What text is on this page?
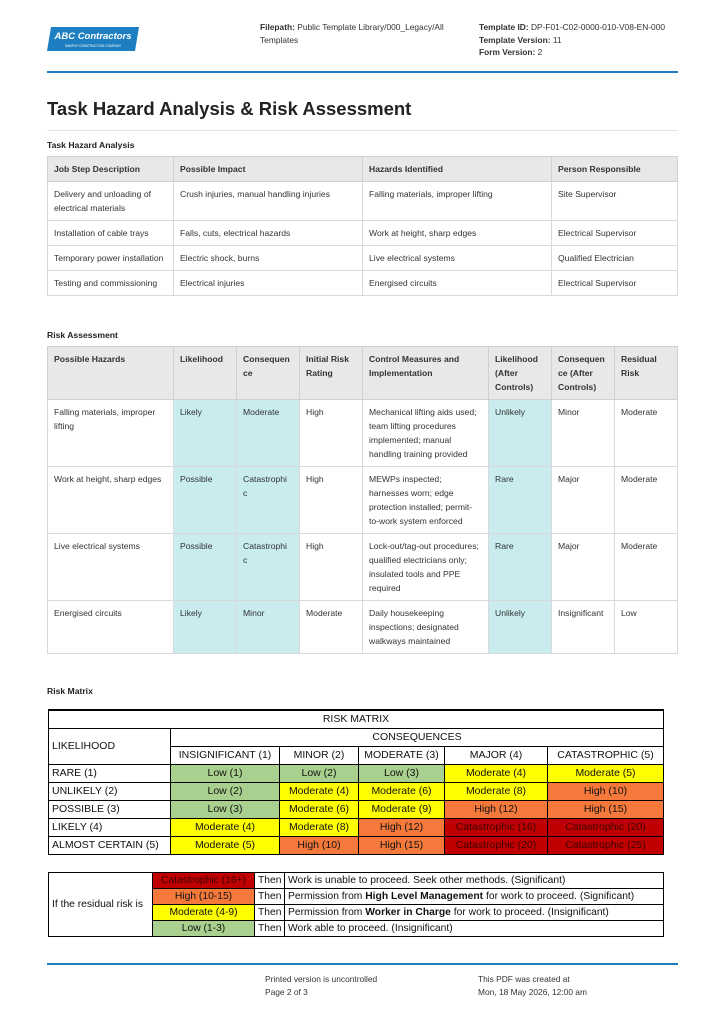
ABC Contractors
SAMPLE CONSTRUCTION COMPANY
Filepath: Public Template Library/000_Legacy/All Templates
Template ID: DP-F01-C02-0000-010-V08-EN-000
Template Version: 11
Form Version: 2
Task Hazard Analysis & Risk Assessment
Task Hazard Analysis
Job Step Description	Possible Impact	Hazards Identified	Person Responsible
Delivery and unloading of electrical materials	Crush injuries, manual handling injuries	Falling materials, improper lifting	Site Supervisor
Installation of cable trays	Falls, cuts, electrical hazards	Work at height, sharp edges	Electrical Supervisor
Temporary power installation	Electric shock, burns	Live electrical systems	Qualified Electrician
Testing and commissioning	Electrical injuries	Energised circuits	Electrical Supervisor
Risk Assessment
Possible Hazards	Likelihood	Consequen ce	Initial Risk Rating	Control Measures and Implementation	Likelihood (After Controls)	Consequen ce (After Controls)	Residual Risk
Falling materials, improper lifting	Likely	Moderate	High	Mechanical lifting aids used; team lifting procedures implemented; manual handling training provided	Unlikely	Minor	Moderate
Work at height, sharp edges	Possible	Catastrophi c	High	MEWPs inspected; harnesses worn; edge protection installed; permit-to-work system enforced	Rare	Major	Moderate
Live electrical systems	Possible	Catastrophi c	High	Lock-out/tag-out procedures; qualified electricians only; insulated tools and PPE required	Rare	Major	Moderate
Energised circuits	Likely	Minor	Moderate	Daily housekeeping inspections; designated walkways maintained	Unlikely	Insignificant	Low
Risk Matrix
RISK MATRIX					
LIKELIHOOD	CONSEQUENCES				
	INSIGNIFICANT (1)	MINOR (2)	MODERATE (3)	MAJOR (4)	CATASTROPHIC (5)
RARE (1)	Low (1)	Low (2)	Low (3)	Moderate (4)	Moderate (5)
UNLIKELY (2)	Low (2)	Moderate (4)	Moderate (6)	Moderate (8)	High (10)
POSSIBLE (3)	Low (3)	Moderate (6)	Moderate (9)	High (12)	High (15)
LIKELY (4)	Moderate (4)	Moderate (8)	High (12)	Catastrophic (16)	Catastrophic (20)
ALMOST CERTAIN (5)	Moderate (5)	High (10)	High (15)	Catastrophic (20)	Catastrophic (25)
If the residual risk is	Catastrophic (16+)	Then	Work is unable to proceed. Seek other methods. (Significant)
	High (10-15)	Then	Permission from High Level Management for work to proceed. (Significant)
	Moderate (4-9)	Then	Permission from Worker in Charge for work to proceed. (Insignificant)
	Low (1-3)	Then	Work able to proceed. (Insignificant)
Printed version is uncontrolled
Page 2 of 3
This PDF was created at
Mon, 18 May 2026, 12:00 am
